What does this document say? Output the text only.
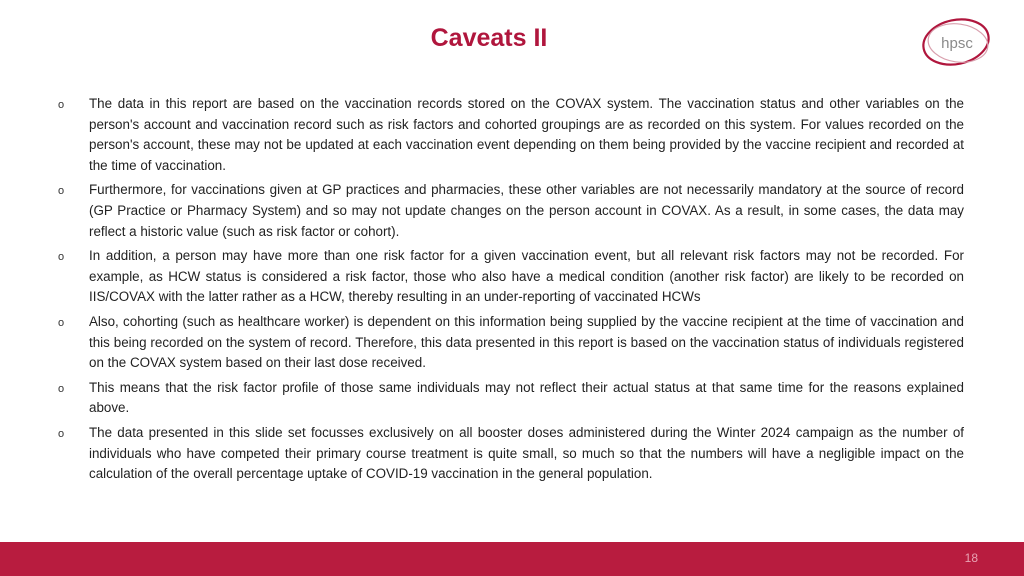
Caveats II	hpsc
o	The data in this report are based on the vaccination records stored on the COVAX system. The vaccination status and other variables on the person's account and vaccination record such as risk factors and cohorted groupings are as recorded on this system. For values recorded on the person's account, these may not be updated at each vaccination event depending on them being provided by the vaccine recipient and recorded at the time of vaccination.
o	Furthermore, for vaccinations given at GP practices and pharmacies, these other variables are not necessarily mandatory at the source of record (GP Practice or Pharmacy System) and so may not update changes on the person account in COVAX. As a result, in some cases, the data may reflect a historic value (such as risk factor or cohort).
o	In addition, a person may have more than one risk factor for a given vaccination event, but all relevant risk factors may not be recorded. For example, as HCW status is considered a risk factor, those who also have a medical condition (another risk factor) are likely to be recorded on IIS/COVAX with the latter rather as a HCW, thereby resulting in an under-reporting of vaccinated HCWs
o	Also, cohorting (such as healthcare worker) is dependent on this information being supplied by the vaccine recipient at the time of vaccination and this being recorded on the system of record. Therefore, this data presented in this report is based on the vaccination status of individuals registered on the COVAX system based on their last dose received.
o	This means that the risk factor profile of those same individuals may not reflect their actual status at that same time for the reasons explained above.
o	The data presented in this slide set focusses exclusively on all booster doses administered during the Winter 2024 campaign as the number of individuals who have competed their primary course treatment is quite small, so much so that the numbers will have a negligible impact on the calculation of the overall percentage uptake of COVID-19 vaccination in the general population.
18
